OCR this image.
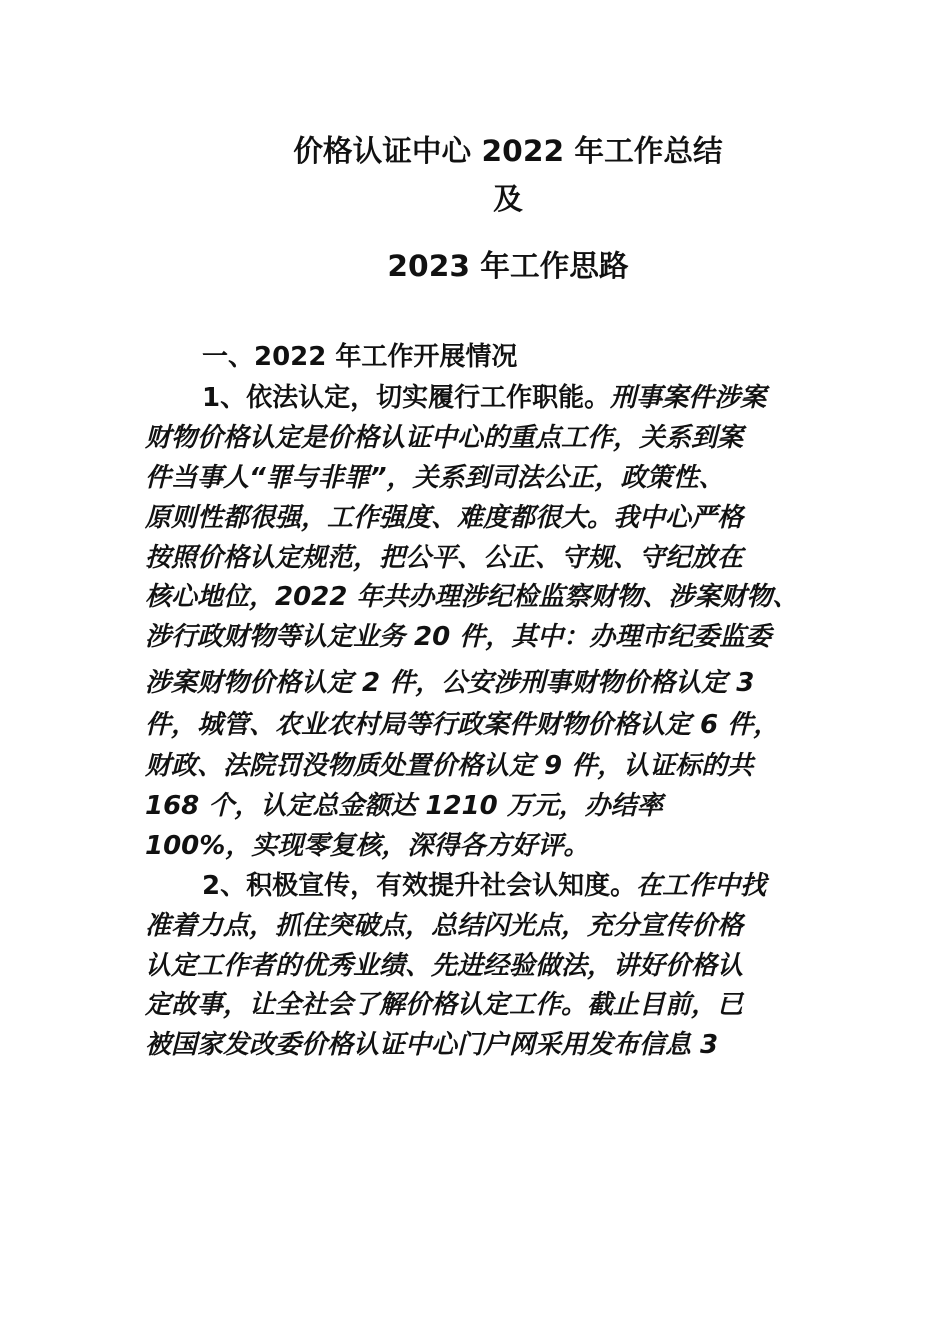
价格认证中心 2022 年工作总结
及
2023 年工作思路
一、2022 年工作开展情况
1、依法认定，切实履行工作职能。刑事案件涉案
财物价格认定是价格认证中心的重点工作，关系到案
件当事人“罪与非罪”，关系到司法公正，政策性、
原则性都很强，工作强度、难度都很大。我中心严格
按照价格认定规范，把公平、公正、守规、守纪放在
核心地位，2022 年共办理涉纪检监察财物、涉案财物、
涉行政财物等认定业务 20 件，其中：办理市纪委监委
涉案财物价格认定 2 件，公安涉刑事财物价格认定 3
件，城管、农业农村局等行政案件财物价格认定 6 件，
财政、法院罚没物质处置价格认定 9 件，认证标的共
168 个，认定总金额达 1210 万元，办结率
100%，实现零复核，深得各方好评。
2、积极宣传，有效提升社会认知度。在工作中找
准着力点，抓住突破点，总结闪光点，充分宣传价格
认定工作者的优秀业绩、先进经验做法，讲好价格认
定故事，让全社会了解价格认定工作。截止目前，已
被国家发改委价格认证中心门户网采用发布信息 3
